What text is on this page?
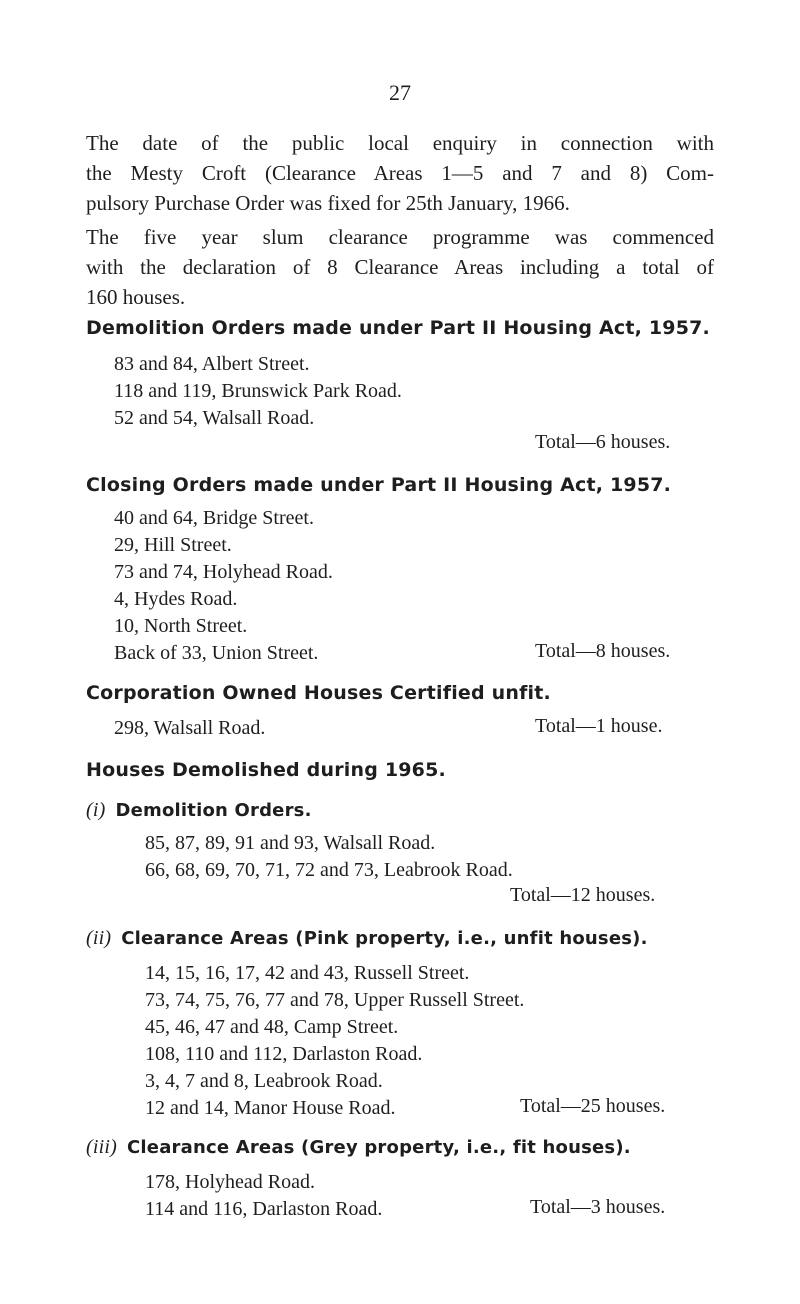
27
The date of the public local enquiry in connection with
the Mesty Croft (Clearance Areas 1—5 and 7 and 8) Com-
pulsory Purchase Order was fixed for 25th January, 1966.
The five year slum clearance programme was commenced
with the declaration of 8 Clearance Areas including a total of
160 houses.
Demolition Orders made under Part II Housing Act, 1957.
83 and 84, Albert Street.
118 and 119, Brunswick Park Road.
52 and 54, Walsall Road.
Total—6 houses.
Closing Orders made under Part II Housing Act, 1957.
40 and 64, Bridge Street.
29, Hill Street.
73 and 74, Holyhead Road.
4, Hydes Road.
10, North Street.
Back of 33, Union Street.	Total—8 houses.
Corporation Owned Houses Certified unfit.
298, Walsall Road.	Total—1 house.
Houses Demolished during 1965.
(i) Demolition Orders.
85, 87, 89, 91 and 93, Walsall Road.
66, 68, 69, 70, 71, 72 and 73, Leabrook Road.
Total—12 houses.
(ii) Clearance Areas (Pink property, i.e., unfit houses).
14, 15, 16, 17, 42 and 43, Russell Street.
73, 74, 75, 76, 77 and 78, Upper Russell Street.
45, 46, 47 and 48, Camp Street.
108, 110 and 112, Darlaston Road.
3, 4, 7 and 8, Leabrook Road.
12 and 14, Manor House Road.	Total—25 houses.
(iii) Clearance Areas (Grey property, i.e., fit houses).
178, Holyhead Road.
114 and 116, Darlaston Road.	Total—3 houses.
